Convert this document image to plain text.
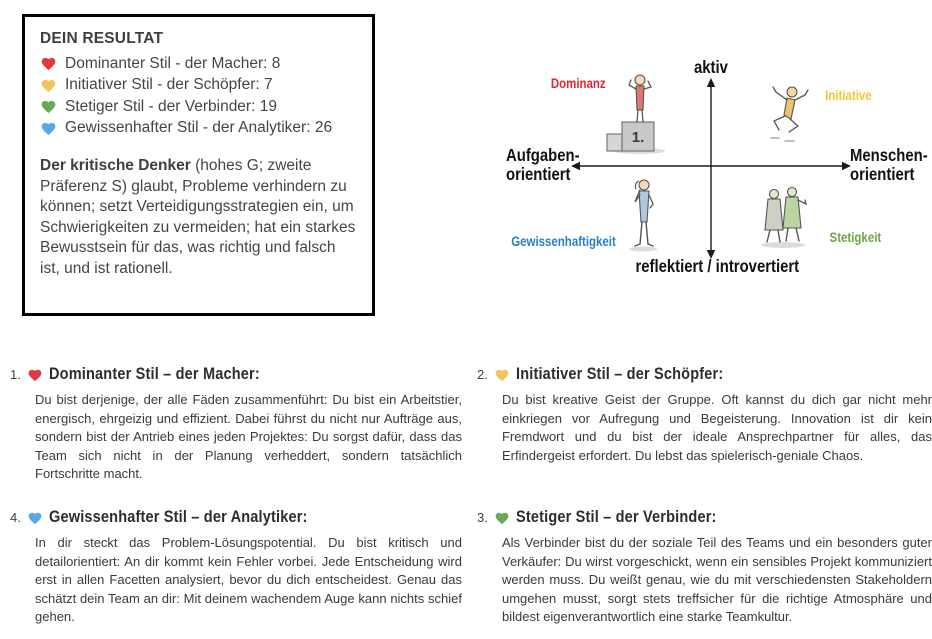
DEIN RESULTAT
Dominanter Stil - der Macher: 8
Initiativer Stil - der Schöpfer: 7
Stetiger Stil - der Verbinder: 19
Gewissenhafter Stil - der Analytiker: 26
Der kritische Denker (hohes G; zweite Präferenz S) glaubt, Probleme verhindern zu können; setzt Verteidigungsstrategien ein, um Schwierigkeiten zu vermeiden; hat ein starkes Bewusstsein für das, was richtig und falsch ist, und ist rationell.
aktiv
Aufgaben-
orientiert
Menschen-
orientiert
reflektiert / introvertiert
Dominanz
Initiative
Gewissenhaftigkeit	Stetigkeit
1.
1. Dominanter Stil – der Macher:
Du bist derjenige, der alle Fäden zusammenführt: Du bist ein Arbeitstier, energisch, ehrgeizig und effizient. Dabei führst du nicht nur Aufträge aus, sondern bist der Antrieb eines jeden Projektes: Du sorgst dafür, dass das Team sich nicht in der Planung verheddert, sondern tatsächlich Fortschritte macht.
2. Initiativer Stil – der Schöpfer:
Du bist kreative Geist der Gruppe. Oft kannst du dich gar nicht mehr einkriegen vor Aufregung und Begeisterung. Innovation ist dir kein Fremdwort und du bist der ideale Ansprechpartner für alles, das Erfindergeist erfordert. Du lebst das spielerisch-geniale Chaos.
4. Gewissenhafter Stil – der Analytiker:
In dir steckt das Problem-Lösungspotential. Du bist kritisch und detailorientiert: An dir kommt kein Fehler vorbei. Jede Entscheidung wird erst in allen Facetten analysiert, bevor du dich entscheidest. Genau das schätzt dein Team an dir: Mit deinem wachendem Auge kann nichts schief gehen.
3. Stetiger Stil – der Verbinder:
Als Verbinder bist du der soziale Teil des Teams und ein besonders guter Verkäufer: Du wirst vorgeschickt, wenn ein sensibles Projekt kommuniziert werden muss. Du weißt genau, wie du mit verschiedensten Stakeholdern umgehen musst, sorgt stets treffsicher für die richtige Atmosphäre und bildest eigenverantwortlich eine starke Teamkultur.
